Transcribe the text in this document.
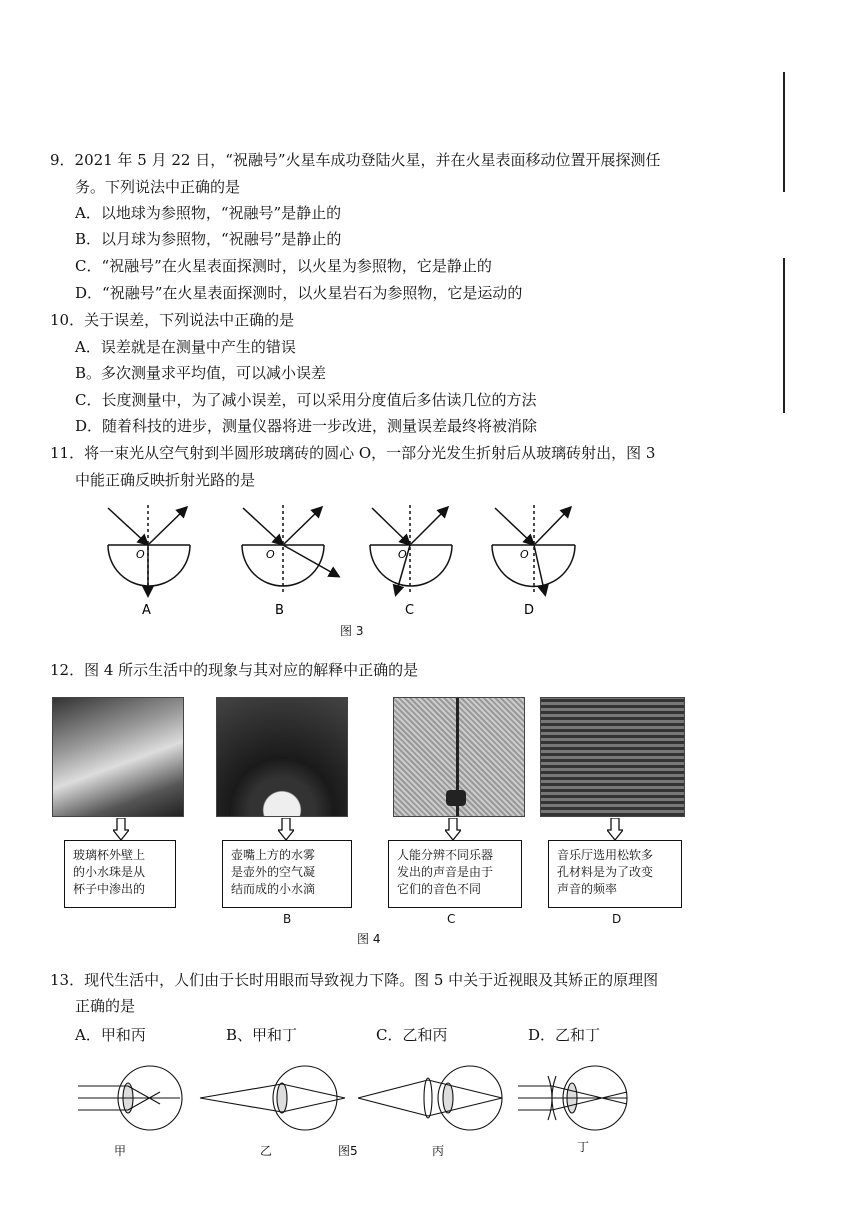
9．2021 年 5 月 22 日，“祝融号”火星车成功登陆火星，并在火星表面移动位置开展探测任
务。下列说法中正确的是
A．以地球为参照物，“祝融号”是静止的
B．以月球为参照物，“祝融号”是静止的
C．“祝融号”在火星表面探测时，以火星为参照物，它是静止的
D．“祝融号”在火星表面探测时，以火星岩石为参照物，它是运动的
10．关于误差，下列说法中正确的是
A．误差就是在测量中产生的错误
B。多次测量求平均值，可以减小误差
C．长度测量中，为了减小误差，可以采用分度值后多估读几位的方法
D．随着科技的进步，测量仪器将进一步改进，测量误差最终将被消除
11．将一束光从空气射到半圆形玻璃砖的圆心 O，一部分光发生折射后从玻璃砖射出，图 3
中能正确反映折射光路的是
O
A
O
B
O
C
O
D
图 3
12．图 4 所示生活中的现象与其对应的解释中正确的是
玻璃杯外壁上
的小水珠是从
杯子中渗出的
壶嘴上方的水雾
是壶外的空气凝
结而成的小水滴
人能分辨不同乐器
发出的声音是由于
它们的音色不同
音乐厅选用松软多
孔材料是为了改变
声音的频率
B	C	D
图 4
13．现代生活中，人们由于长时用眼而导致视力下降。图 5 中关于近视眼及其矫正的原理图
正确的是
A．甲和丙	B、甲和丁	C．乙和丙	D．乙和丁
甲	乙	图5	丙	丁
